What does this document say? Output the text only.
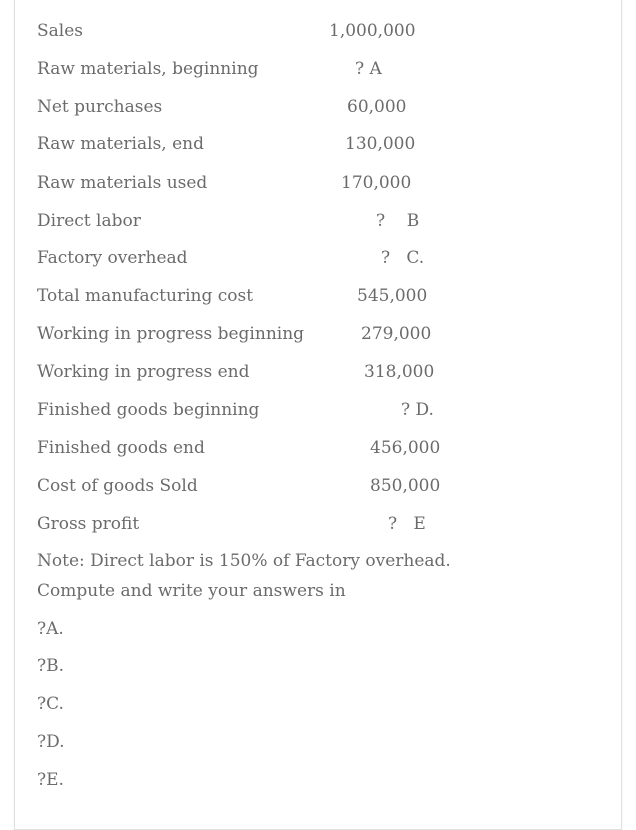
Sales	1,000,000
Raw materials, beginning	? A
Net purchases	60,000
Raw materials, end	130,000
Raw materials used	170,000
Direct labor	?    B
Factory overhead	?   C.
Total manufacturing cost	545,000
Working in progress beginning	279,000
Working in progress end	318,000
Finished goods beginning	? D.
Finished goods end	456,000
Cost of goods Sold	850,000
Gross profit	?   E
Note: Direct labor is 150% of Factory overhead.
Compute and write your answers in
?A.
?B.
?C.
?D.
?E.
